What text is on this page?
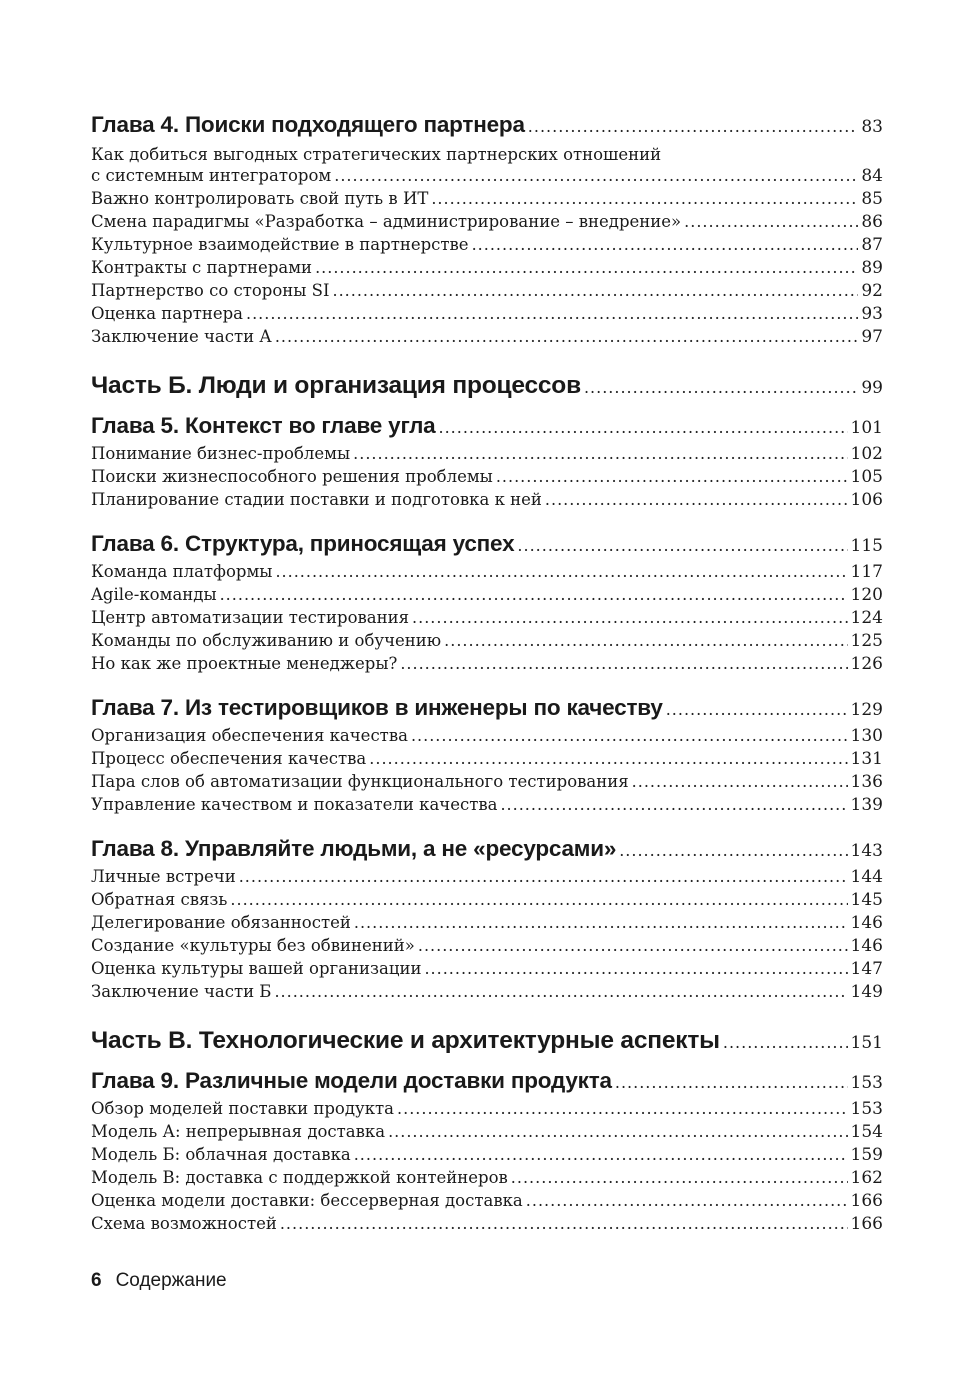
Глава 4. Поиски подходящего партнера .....	83
Как добиться выгодных стратегических партнерских отношений
с системным интегратором .....	84
Важно контролировать свой путь в ИТ .....	85
Смена парадигмы «Разработка – администрирование – внедрение» .....	86
Культурное взаимодействие в партнерстве .....	87
Контракты с партнерами .....	89
Партнерство со стороны SI .....	92
Оценка партнера .....	93
Заключение части А .....	97
Часть Б. Люди и организация процессов .....	99
Глава 5. Контекст во главе угла .....	101
Понимание бизнес-проблемы .....	102
Поиски жизнеспособного решения проблемы .....	105
Планирование стадии поставки и подготовка к ней .....	106
Глава 6. Структура, приносящая успех .....	115
Команда платформы .....	117
Agile-команды .....	120
Центр автоматизации тестирования .....	124
Команды по обслуживанию и обучению .....	125
Но как же проектные менеджеры? .....	126
Глава 7. Из тестировщиков в инженеры по качеству .....	129
Организация обеспечения качества .....	130
Процесс обеспечения качества .....	131
Пара слов об автоматизации функционального тестирования .....	136
Управление качеством и показатели качества .....	139
Глава 8. Управляйте людьми, а не «ресурсами» .....	143
Личные встречи .....	144
Обратная связь .....	145
Делегирование обязанностей .....	146
Создание «культуры без обвинений» .....	146
Оценка культуры вашей организации .....	147
Заключение части Б .....	149
Часть В. Технологические и архитектурные аспекты .....	151
Глава 9. Различные модели доставки продукта .....	153
Обзор моделей поставки продукта .....	153
Модель А: непрерывная доставка .....	154
Модель Б: облачная доставка .....	159
Модель В: доставка с поддержкой контейнеров .....	162
Оценка модели доставки: бессерверная доставка .....	166
Схема возможностей .....	166
6 Содержание
